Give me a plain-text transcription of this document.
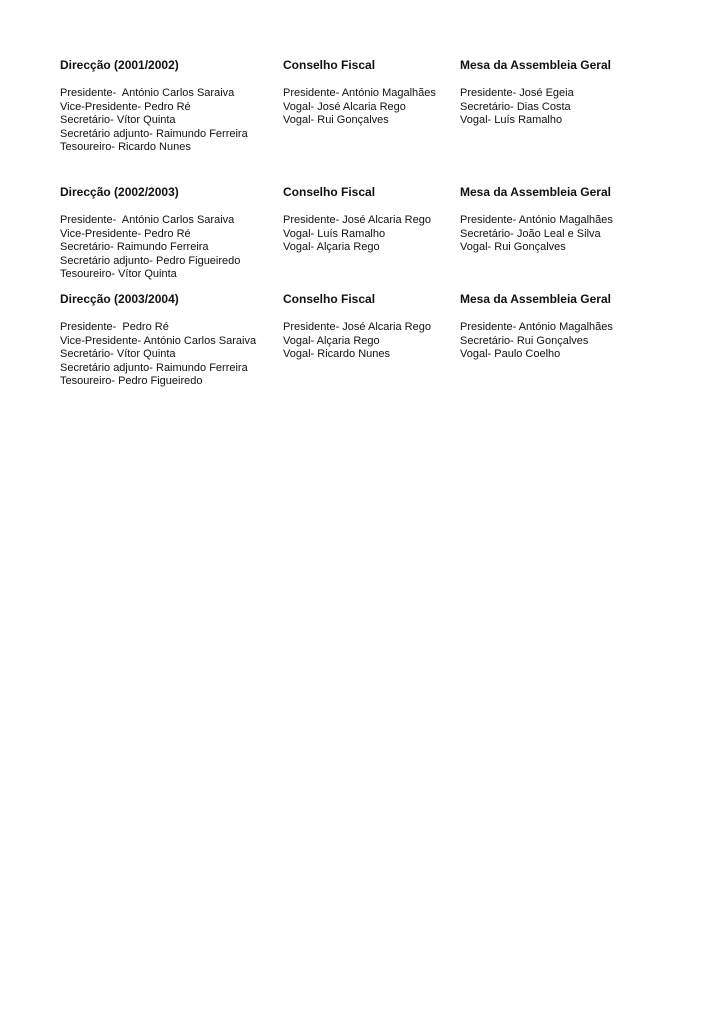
Direcção (2001/2002)
Presidente-  António Carlos Saraiva
Vice-Presidente- Pedro Ré
Secretário- Vítor Quinta
Secretário adjunto- Raimundo Ferreira
Tesoureiro- Ricardo Nunes
Conselho Fiscal
Presidente- António Magalhães
Vogal- José Alcaria Rego
Vogal- Rui Gonçalves
Mesa da Assembleia Geral
Presidente- José Egeia
Secretário- Dias Costa
Vogal- Luís Ramalho
Direcção (2002/2003)
Presidente-  António Carlos Saraiva
Vice-Presidente- Pedro Ré
Secretário- Raimundo Ferreira
Secretário adjunto- Pedro Figueiredo
Tesoureiro- Vítor Quinta
Conselho Fiscal
Presidente- José Alcaria Rego
Vogal- Luís Ramalho
Vogal- Alçaria Rego
Mesa da Assembleia Geral
Presidente- António Magalhães
Secretário- João Leal e Silva
Vogal- Rui Gonçalves
Direcção (2003/2004)
Presidente-  Pedro Ré
Vice-Presidente- António Carlos Saraiva
Secretário- Vítor Quinta
Secretário adjunto- Raimundo Ferreira
Tesoureiro- Pedro Figueiredo
Conselho Fiscal
Presidente- José Alcaria Rego
Vogal- Alçaria Rego
Vogal- Ricardo Nunes
Mesa da Assembleia Geral
Presidente- António Magalhães
Secretário- Rui Gonçalves
Vogal- Paulo Coelho
